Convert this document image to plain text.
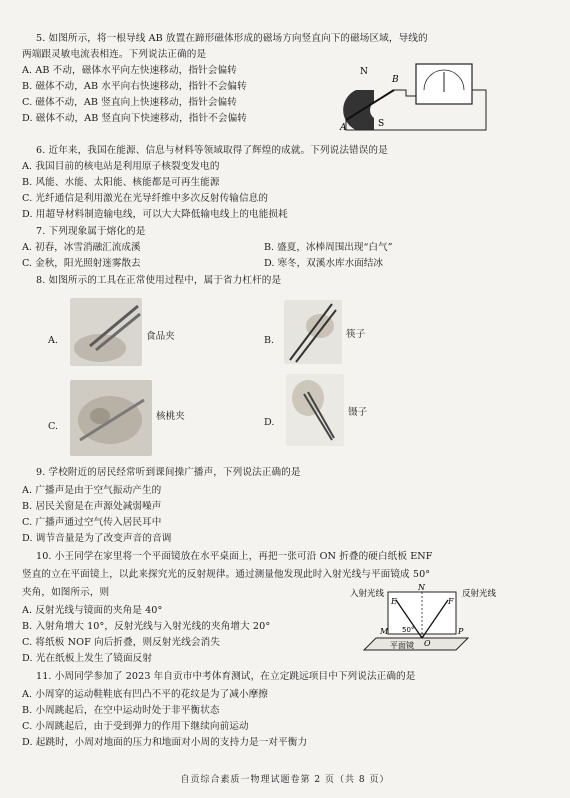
5. 如图所示，将一根导线 AB 放置在蹄形磁体形成的磁场方向竖直向下的磁场区域，导线的
两端跟灵敏电流表相连。下列说法正确的是
A. AB 不动，磁体水平向左快速移动，指针会偏转
B. 磁体不动，AB 水平向右快速移动，指针不会偏转
C. 磁体不动，AB 竖直向上快速移动，指针会偏转
D. 磁体不动，AB 竖直向下快速移动，指针不会偏转
N
S
A
B
6. 近年来，我国在能源、信息与材料等领域取得了辉煌的成就。下列说法错误的是
A. 我国目前的核电站是利用原子核裂变发电的
B. 风能、水能、太阳能、核能都是可再生能源
C. 光纤通信是利用激光在光导纤维中多次反射传输信息的
D. 用超导材料制造输电线，可以大大降低输电线上的电能损耗
7. 下列现象属于熔化的是
A. 初春，冰雪消融汇流成溪	B. 盛夏，冰棒周围出现“白气”
C. 金秋，阳光照射迷雾散去	D. 寒冬，双溪水库水面结冰
8. 如图所示的工具在正常使用过程中，属于省力杠杆的是
A.	食品夹	B.
筷子
C.
核桃夹
D.
镊子
9. 学校附近的居民经常听到课间操广播声，下列说法正确的是
A. 广播声是由于空气振动产生的
B. 居民关窗是在声源处减弱噪声
C. 广播声通过空气传入居民耳中
D. 调节音量是为了改变声音的音调
10. 小王同学在家里将一个平面镜放在水平桌面上，再把一张可沿 ON 折叠的硬白纸板 ENF
竖直的立在平面镜上，以此来探究光的反射规律。通过测量他发现此时入射光线与平面镜成 50°
夹角，如图所示，则
A. 反射光线与镜面的夹角是 40°
B. 入射角增大 10°，反射光线与入射光线的夹角增大 20°
C. 将纸板 NOF 向后折叠，则反射光线会消失
D. 光在纸板上发生了镜面反射
入射光线	反射光线
E
N
F
M
O
P
50°
平面镜
11. 小周同学参加了 2023 年自贡市中考体育测试，在立定跳远项目中下列说法正确的是
A. 小周穿的运动鞋鞋底有凹凸不平的花纹是为了减小摩擦
B. 小周跳起后，在空中运动时处于非平衡状态
C. 小周跳起后，由于受到弹力的作用下继续向前运动
D. 起跳时，小周对地面的压力和地面对小周的支持力是一对平衡力
自贡综合素质一物理试题卷第 2 页（共 8 页）
